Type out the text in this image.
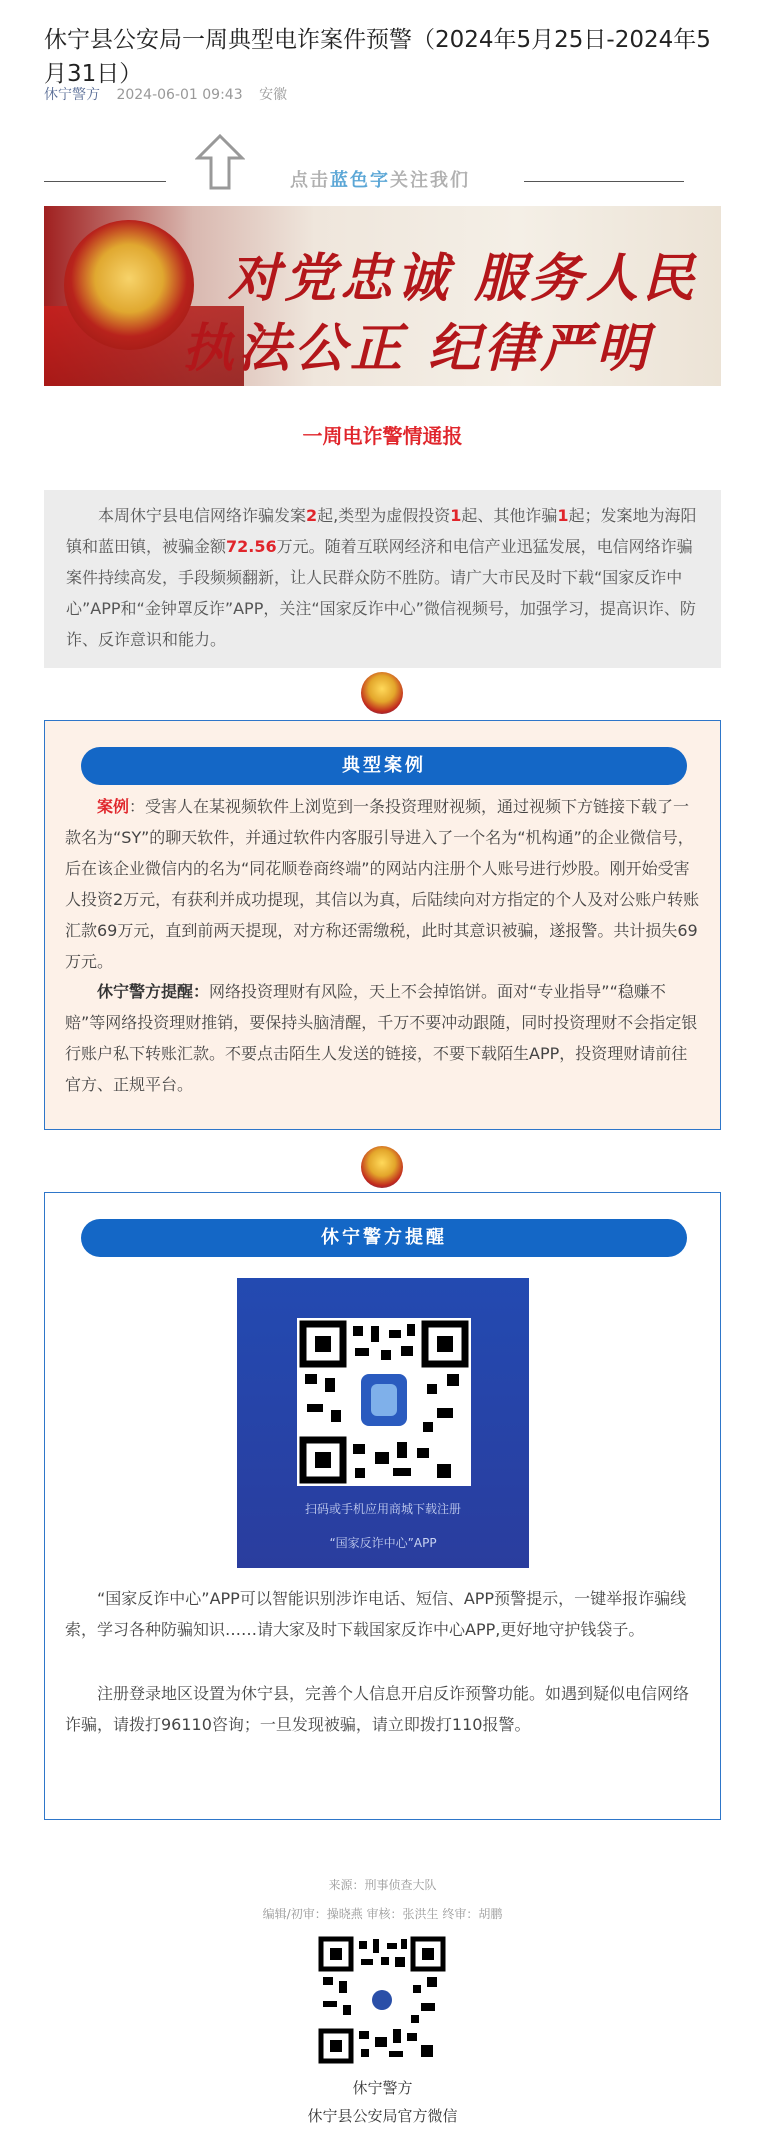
休宁县公安局一周典型电诈案件预警（2024年5月25日-2024年5月31日）
休宁警方 2024-06-01 09:43 安徽
点击蓝色字关注我们
对党忠诚 服务人民
执法公正 纪律严明
一周电诈警情通报
本周休宁县电信网络诈骗发案2起,类型为虚假投资1起、其他诈骗1起；发案地为海阳镇和蓝田镇，被骗金额72.56万元。随着互联网经济和电信产业迅猛发展，电信网络诈骗案件持续高发，手段频频翻新，让人民群众防不胜防。请广大市民及时下载“国家反诈中心”APP和“金钟罩反诈”APP，关注“国家反诈中心”微信视频号，加强学习，提高识诈、防诈、反诈意识和能力。
典型案例
案例：受害人在某视频软件上浏览到一条投资理财视频，通过视频下方链接下载了一款名为“SY”的聊天软件，并通过软件内客服引导进入了一个名为“机构通”的企业微信号，后在该企业微信内的名为“同花顺卷商终端”的网站内注册个人账号进行炒股。刚开始受害人投资2万元，有获利并成功提现，其信以为真，后陆续向对方指定的个人及对公账户转账汇款69万元，直到前两天提现，对方称还需缴税，此时其意识被骗，遂报警。共计损失69万元。
休宁警方提醒：网络投资理财有风险，天上不会掉馅饼。面对“专业指导”“稳赚不赔”等网络投资理财推销，要保持头脑清醒，千万不要冲动跟随，同时投资理财不会指定银行账户私下转账汇款。不要点击陌生人发送的链接，不要下载陌生APP，投资理财请前往官方、正规平台。
休宁警方提醒
扫码或手机应用商城下载注册
“国家反诈中心”APP
“国家反诈中心”APP可以智能识别涉诈电话、短信、APP预警提示，一键举报诈骗线索，学习各种防骗知识……请大家及时下载国家反诈中心APP,更好地守护钱袋子。
注册登录地区设置为休宁县，完善个人信息开启反诈预警功能。如遇到疑似电信网络诈骗，请拨打96110咨询；一旦发现被骗，请立即拨打110报警。
来源：刑事侦查大队
编辑/初审：操晓燕 审核：张洪生 终审：胡鹏
休宁警方
休宁县公安局官方微信
